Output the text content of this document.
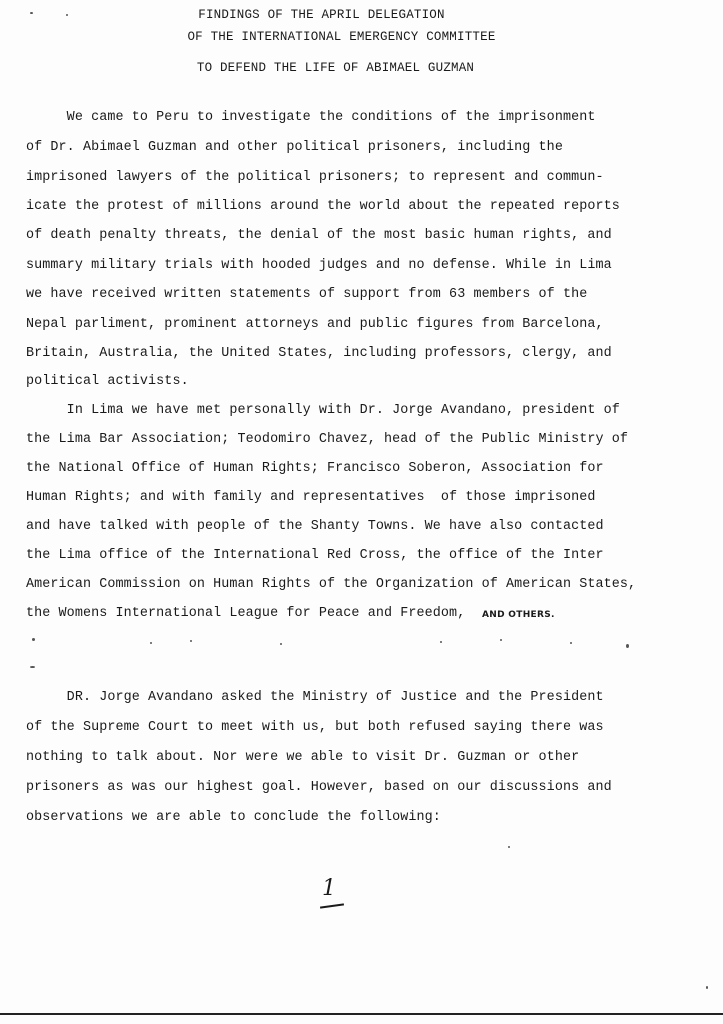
FINDINGS OF THE APRIL DELEGATION
OF THE INTERNATIONAL EMERGENCY COMMITTEE
TO DEFEND THE LIFE OF ABIMAEL GUZMAN
We came to Peru to investigate the conditions of the imprisonment
of Dr. Abimael Guzman and other political prisoners, including the
imprisoned lawyers of the political prisoners; to represent and commun-
icate the protest of millions around the world about the repeated reports
of death penalty threats, the denial of the most basic human rights, and
summary military trials with hooded judges and no defense. While in Lima
we have received written statements of support from 63 members of the
Nepal parliment, prominent attorneys and public figures from Barcelona,
Britain, Australia, the United States, including professors, clergy, and
political activists.
In Lima we have met personally with Dr. Jorge Avandano, president of
the Lima Bar Association; Teodomiro Chavez, head of the Public Ministry of
the National Office of Human Rights; Francisco Soberon, Association for
Human Rights; and with family and representatives  of those imprisoned
and have talked with people of the Shanty Towns. We have also contacted
the Lima office of the International Red Cross, the office of the Inter
American Commission on Human Rights of the Organization of American States,
the Womens International League for Peace and Freedom, AND OTHERS.
DR. Jorge Avandano asked the Ministry of Justice and the President
of the Supreme Court to meet with us, but both refused saying there was
nothing to talk about. Nor were we able to visit Dr. Guzman or other
prisoners as was our highest goal. However, based on our discussions and
observations we are able to conclude the following:
1
